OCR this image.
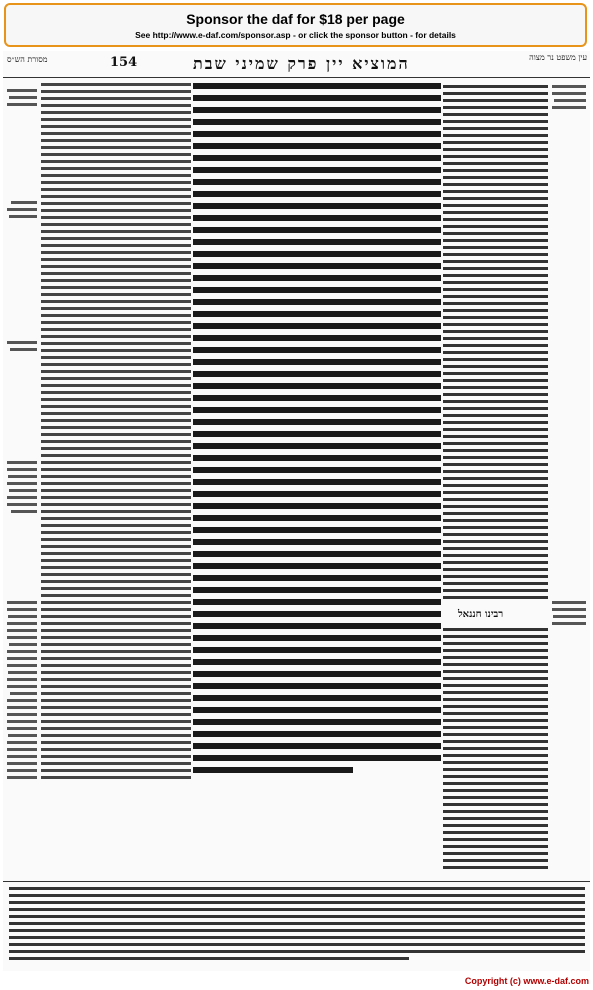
Sponsor the daf for $18 per page
See http://www.e-daf.com/sponsor.asp - or click the sponsor button - for details
עין משפט נר מצוה
154	המוציא יין פרק שמיני שבת
מסורת הש״ס
רבינו חננאל
Copyright (c) www.e-daf.com
